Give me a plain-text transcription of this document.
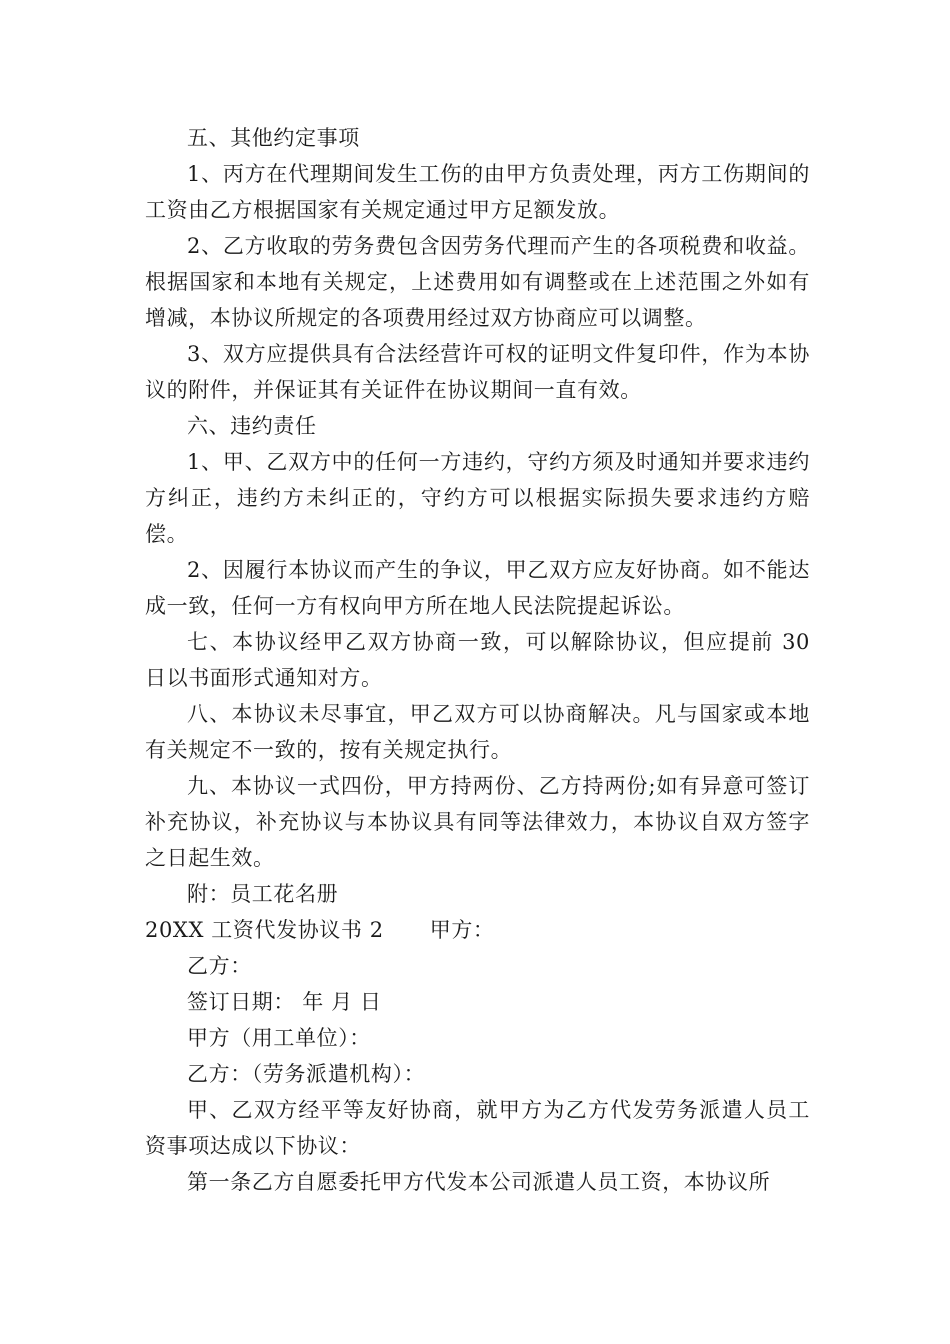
五、其他约定事项

1、丙方在代理期间发生工伤的由甲方负责处理，丙方工伤期间的工资由乙方根据国家有关规定通过甲方足额发放。

2、乙方收取的劳务费包含因劳务代理而产生的各项税费和收益。根据国家和本地有关规定，上述费用如有调整或在上述范围之外如有增减，本协议所规定的各项费用经过双方协商应可以调整。

3、双方应提供具有合法经营许可权的证明文件复印件，作为本协议的附件，并保证其有关证件在协议期间一直有效。

六、违约责任

1、甲、乙双方中的任何一方违约，守约方须及时通知并要求违约方纠正，违约方未纠正的，守约方可以根据实际损失要求违约方赔偿。

2、因履行本协议而产生的争议，甲乙双方应友好协商。如不能达成一致，任何一方有权向甲方所在地人民法院提起诉讼。

七、本协议经甲乙双方协商一致，可以解除协议，但应提前 30 日以书面形式通知对方。

八、本协议未尽事宜，甲乙双方可以协商解决。凡与国家或本地有关规定不一致的，按有关规定执行。

九、本协议一式四份，甲方持两份、乙方持两份;如有异意可签订补充协议，补充协议与本协议具有同等法律效力，本协议自双方签字之日起生效。

附：员工花名册

20XX 工资代发协议书 2 甲方：

乙方：

签订日期： 年 月 日

甲方（用工单位）：

乙方：（劳务派遣机构）：

甲、乙双方经平等友好协商，就甲方为乙方代发劳务派遣人员工资事项达成以下协议：

第一条乙方自愿委托甲方代发本公司派遣人员工资，本协议所
